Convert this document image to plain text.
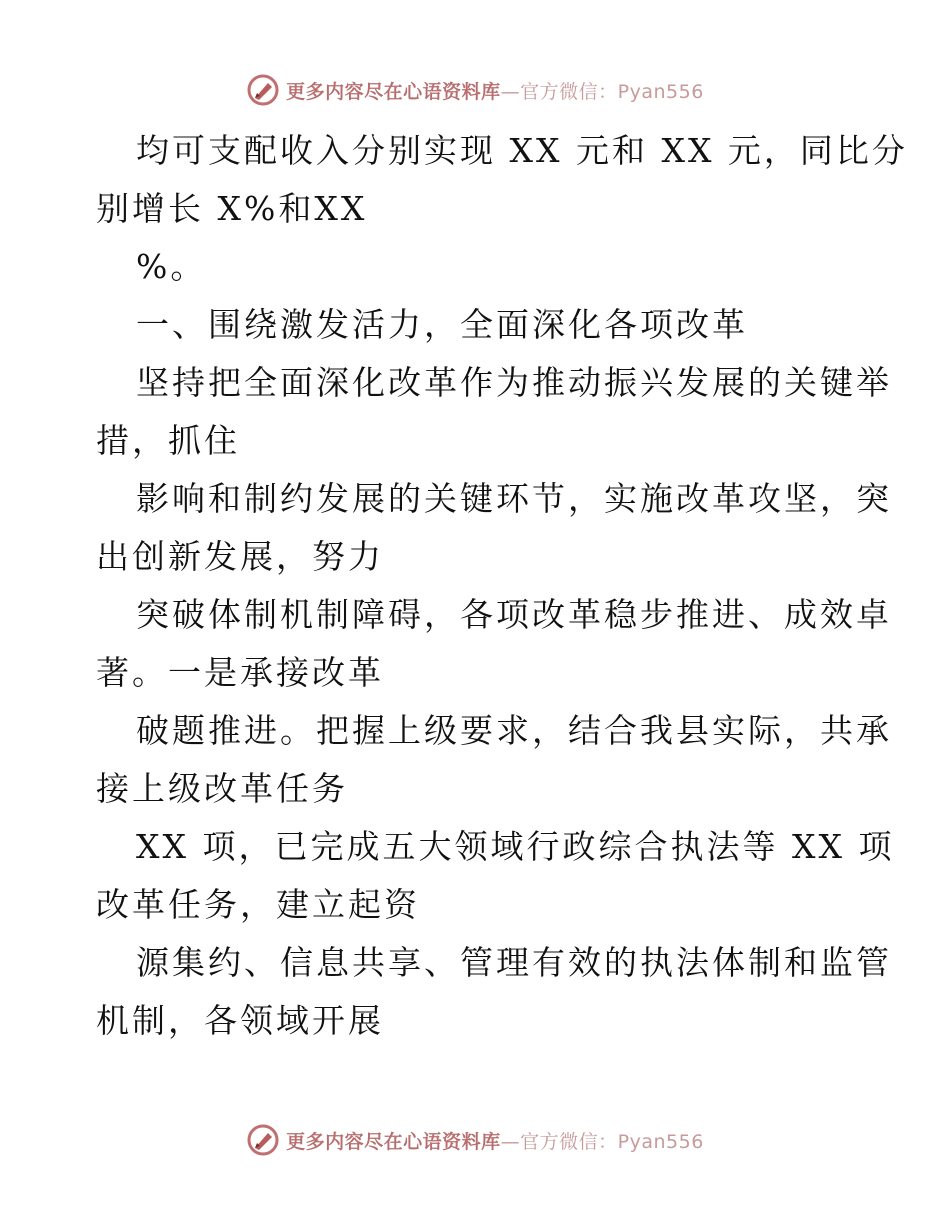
更多内容尽在心语资料库—官方微信：Pyan556
均可支配收入分别实现 XX 元和 XX 元，同比分
别增长 X%和XX
%。
一、围绕激发活力，全面深化各项改革
坚持把全面深化改革作为推动振兴发展的关键举
措，抓住
影响和制约发展的关键环节，实施改革攻坚，突
出创新发展，努力
突破体制机制障碍，各项改革稳步推进、成效卓
著。一是承接改革
破题推进。把握上级要求，结合我县实际，共承
接上级改革任务
XX 项，已完成五大领域行政综合执法等 XX 项
改革任务，建立起资
源集约、信息共享、管理有效的执法体制和监管
机制，各领域开展
更多内容尽在心语资料库—官方微信：Pyan556
